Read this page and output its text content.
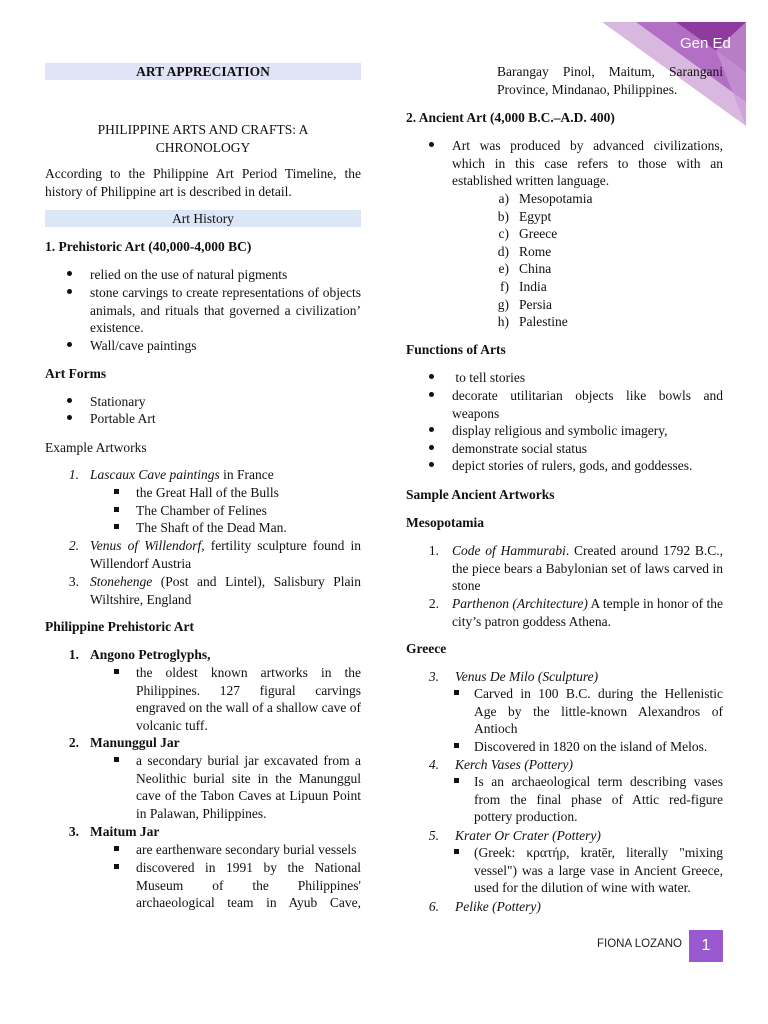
Gen Ed
ART APPRECIATION
PHILIPPINE ARTS AND CRAFTS: A CHRONOLOGY
According to the Philippine Art Period Timeline, the history of Philippine art is described in detail.
Art History
1. Prehistoric Art (40,000-4,000 BC)
relied on the use of natural pigments
stone carvings to create representations of objects animals, and rituals that governed a civilization’ existence.
Wall/cave paintings
Art Forms
Stationary
Portable Art
Example Artworks
1. Lascaux Cave paintings in France
the Great Hall of the Bulls
The Chamber of Felines
The Shaft of the Dead Man.
2. Venus of Willendorf, fertility sculpture found in Willendorf Austria
3. Stonehenge (Post and Lintel), Salisbury Plain Wiltshire, England
Philippine Prehistoric Art
1. Angono Petroglyphs,
the oldest known artworks in the Philippines. 127 figural carvings engraved on the wall of a shallow cave of volcanic tuff.
2. Manunggul Jar
a secondary burial jar excavated from a Neolithic burial site in the Manunggul cave of the Tabon Caves at Lipuun Point in Palawan, Philippines.
3. Maitum Jar
are earthenware secondary burial vessels
discovered in 1991 by the National Museum of the Philippines' archaeological team in Ayub Cave,
Barangay Pinol, Maitum, Sarangani Province, Mindanao, Philippines.
2. Ancient Art (4,000 B.C.–A.D. 400)
Art was produced by advanced civilizations, which in this case refers to those with an established written language.
a) Mesopotamia
b) Egypt
c) Greece
d) Rome
e) China
f) India
g) Persia
h) Palestine
Functions of Arts
to tell stories
decorate utilitarian objects like bowls and weapons
display religious and symbolic imagery,
demonstrate social status
depict stories of rulers, gods, and goddesses.
Sample Ancient Artworks
Mesopotamia
1. Code of Hammurabi. Created around 1792 B.C., the piece bears a Babylonian set of laws carved in stone
2. Parthenon (Architecture) A temple in honor of the city’s patron goddess Athena.
Greece
3. Venus De Milo (Sculpture)
Carved in 100 B.C. during the Hellenistic Age by the little-known Alexandros of Antioch
Discovered in 1820 on the island of Melos.
4. Kerch Vases (Pottery)
Is an archaeological term describing vases from the final phase of Attic red-figure pottery production.
5. Krater Or Crater (Pottery)
(Greek: κρατήρ, kratēr, literally "mixing vessel") was a large vase in Ancient Greece, used for the dilution of wine with water.
6. Pelike (Pottery)
FIONA LOZANO	1
